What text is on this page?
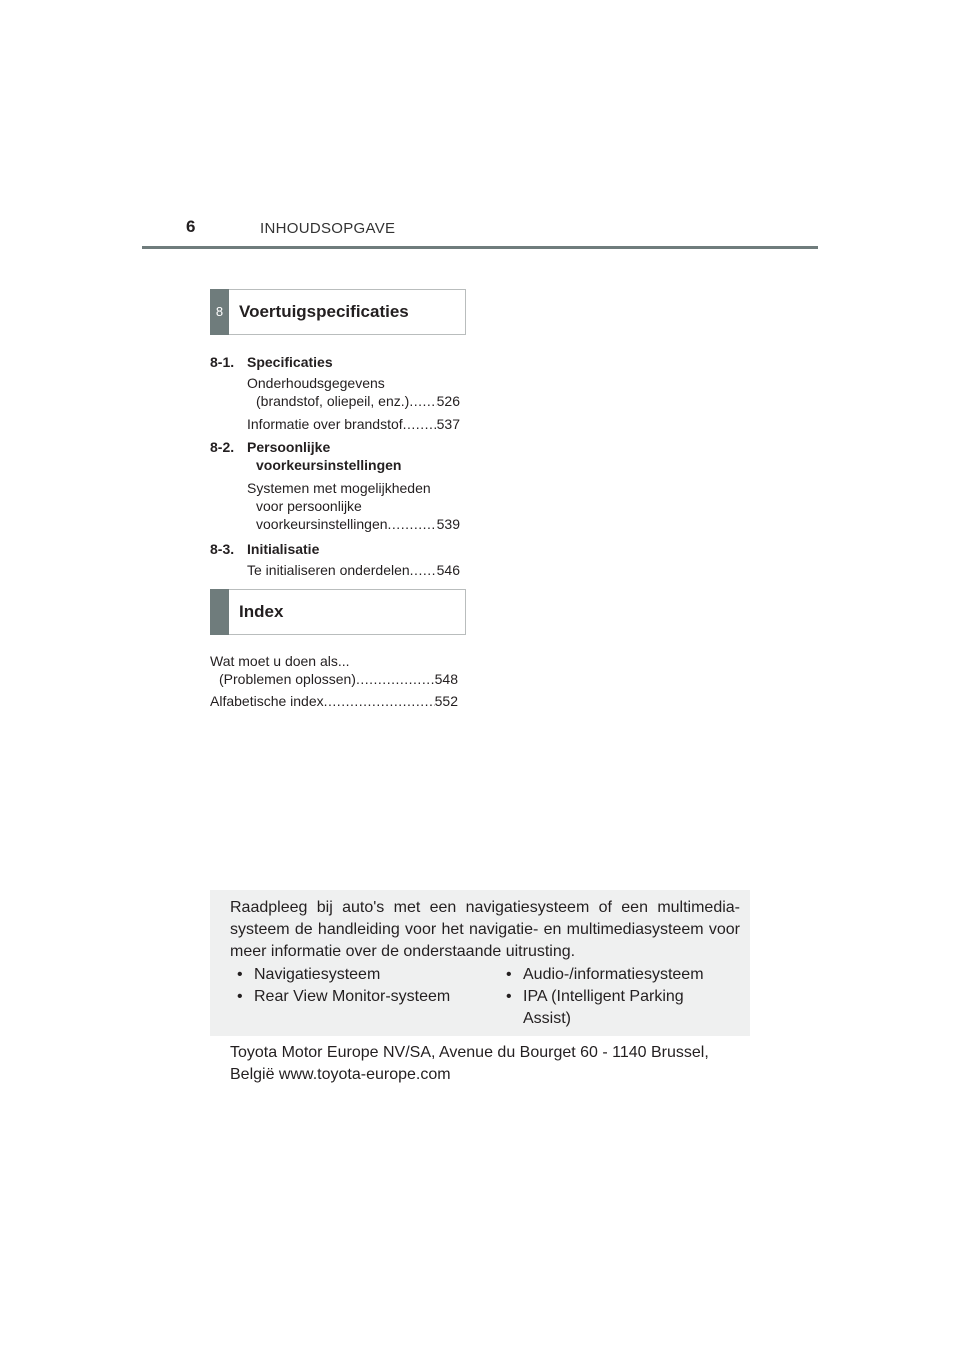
6	INHOUDSOPGAVE
8 Voertuigspecificaties
8-1. Specificaties
Onderhoudsgegevens
(brandstof, oliepeil, enz.) ..... 526
Informatie over brandstof ..... 537
8-2. Persoonlijke
voorkeursinstellingen
Systemen met mogelijkheden
voor persoonlijke
voorkeursinstellingen .....	539
8-3. Initialisatie
Te initialiseren onderdelen ..... 546
Index
Wat moet u doen als...
(Problemen oplossen) .....	548
Alfabetische index .....	552
Raadpleeg bij auto's met een navigatiesysteem of een multimedia-systeem de handleiding voor het navigatie- en multimediasysteem voor meer informatie over de onderstaande uitrusting.
• Navigatiesysteem
• Rear View Monitor-systeem
• Audio-/informatiesysteem
• IPA (Intelligent Parking Assist)
Toyota Motor Europe NV/SA, Avenue du Bourget 60 - 1140 Brussel, België www.toyota-europe.com
